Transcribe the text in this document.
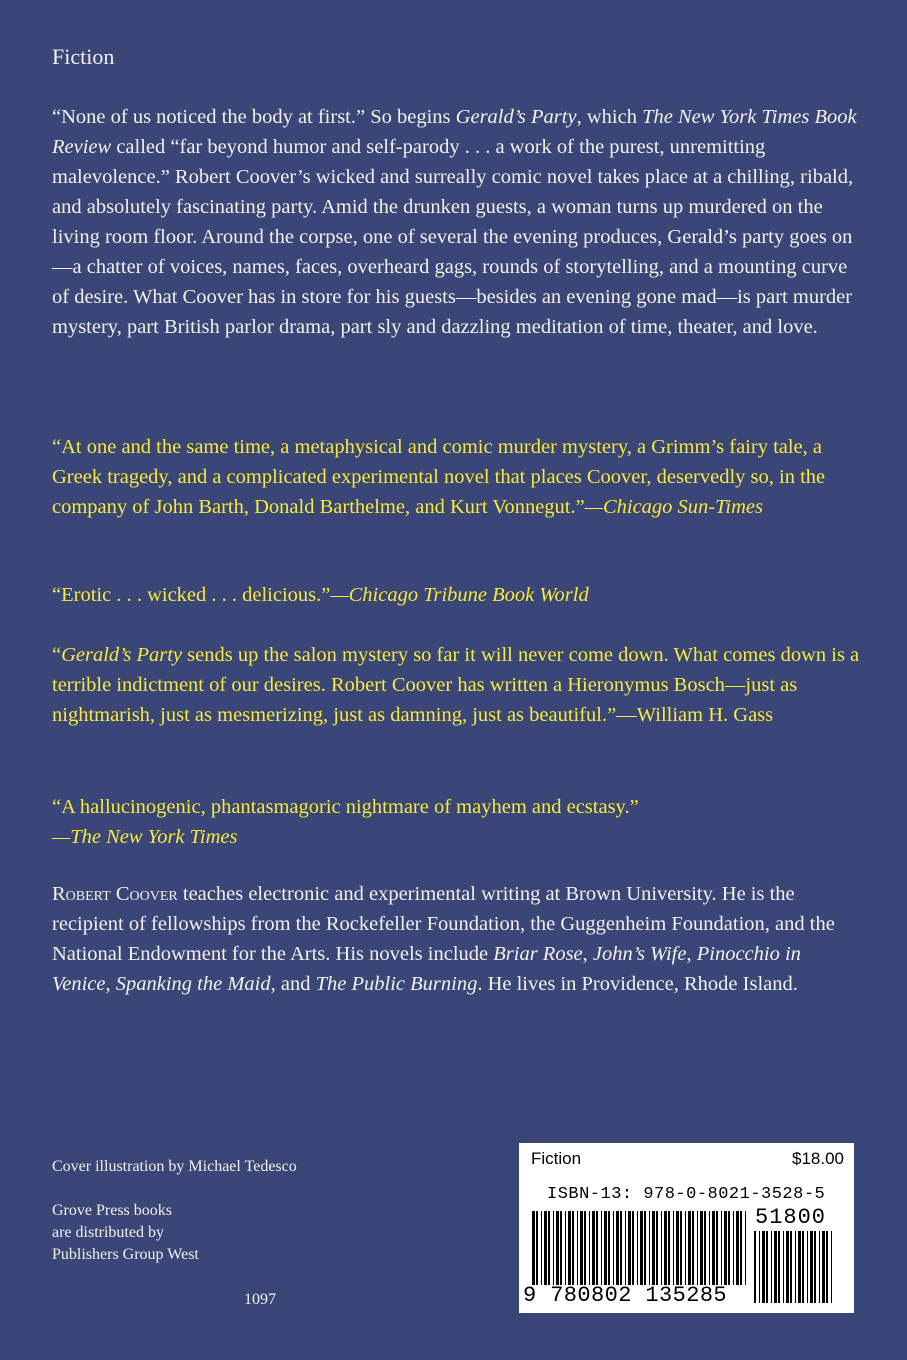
Fiction

“None of us noticed the body at first.” So begins Gerald’s Party, which The New York Times Book Review called “far beyond humor and self-parody . . . a work of the purest, unremitting malevolence.” Robert Coover’s wicked and surreally comic novel takes place at a chilling, ribald, and absolutely fascinating party. Amid the drunken guests, a woman turns up murdered on the living room floor. Around the corpse, one of several the evening produces, Gerald’s party goes on—a chatter of voices, names, faces, overheard gags, rounds of storytelling, and a mounting curve of desire. What Coover has in store for his guests—besides an evening gone mad—is part murder mystery, part British parlor drama, part sly and dazzling meditation of time, theater, and love.

“At one and the same time, a metaphysical and comic murder mystery, a Grimm’s fairy tale, a Greek tragedy, and a complicated experimental novel that places Coover, deservedly so, in the company of John Barth, Donald Barthelme, and Kurt Vonnegut.”—Chicago Sun-Times

“Erotic . . . wicked . . . delicious.”—Chicago Tribune Book World

“Gerald’s Party sends up the salon mystery so far it will never come down. What comes down is a terrible indictment of our desires. Robert Coover has written a Hieronymus Bosch—just as nightmarish, just as mesmerizing, just as damning, just as beautiful.”—William H. Gass

“A hallucinogenic, phantasmagoric nightmare of mayhem and ecstasy.”
—The New York Times

Robert Coover teaches electronic and experimental writing at Brown University. He is the recipient of fellowships from the Rockefeller Foundation, the Guggenheim Foundation, and the National Endowment for the Arts. His novels include Briar Rose, John’s Wife, Pinocchio in Venice, Spanking the Maid, and The Public Burning. He lives in Providence, Rhode Island.

Cover illustration by Michael Tedesco
Grove Press books
are distributed by
Publishers Group West
1097
Fiction	$18.00
ISBN-13: 978-0-8021-3528-5
51800
9 780802 135285
